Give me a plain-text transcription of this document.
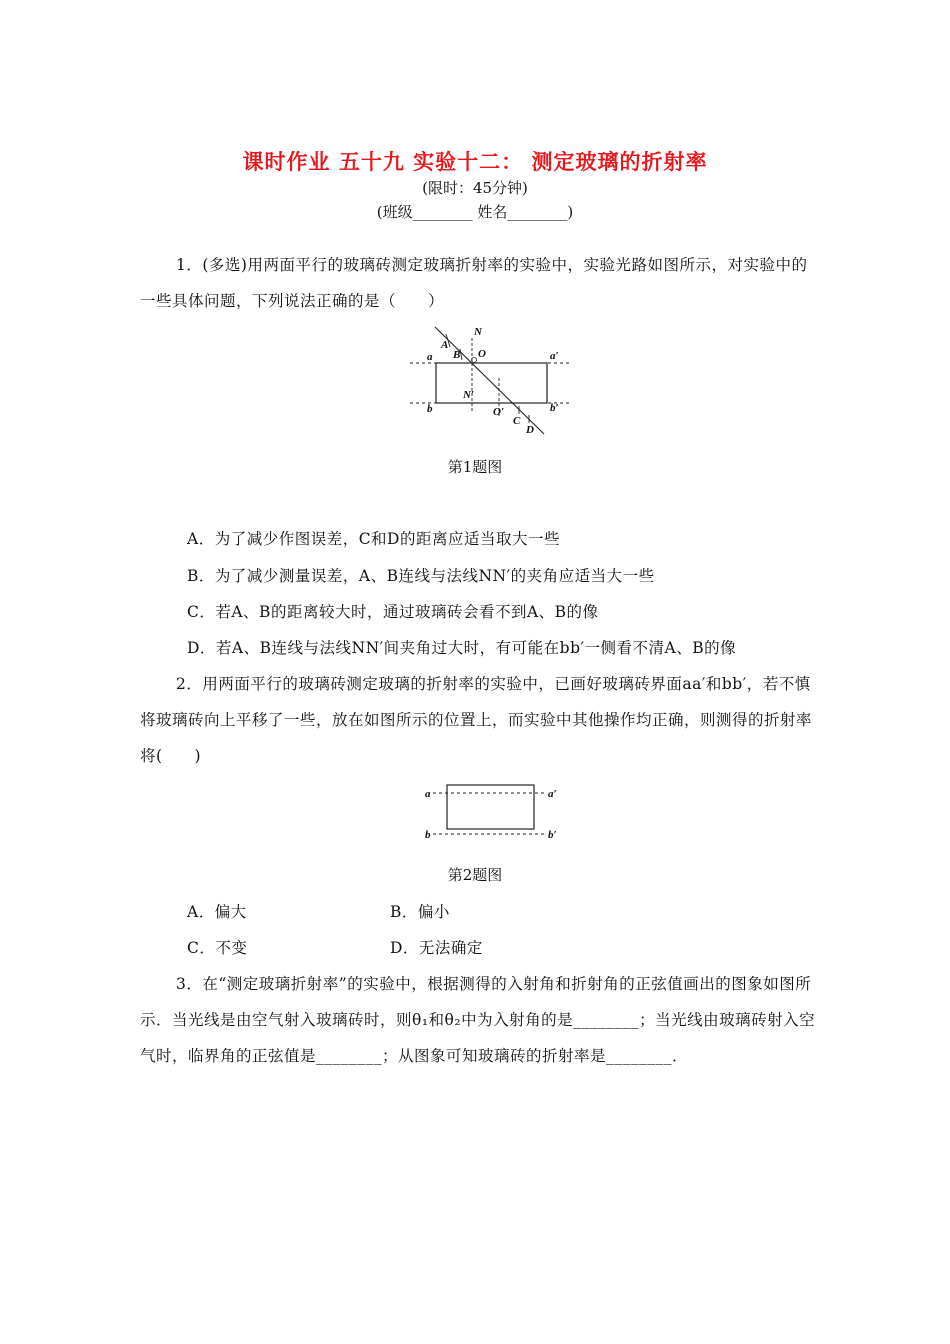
课时作业 五十九 实验十二： 测定玻璃的折射率
(限时：45分钟)
(班级________ 姓名________)
1．(多选)用两面平行的玻璃砖测定玻璃折射率的实验中，实验光路如图所示，对实验中的一些具体问题，下列说法正确的是（　　）
A
B
N
O
a	a′
N′
O′
b	b′
C
D
第1题图
A．为了减少作图误差，C和D的距离应适当取大一些
B．为了减少测量误差，A、B连线与法线NN′的夹角应适当大一些
C．若A、B的距离较大时，通过玻璃砖会看不到A、B的像
D．若A、B连线与法线NN′间夹角过大时，有可能在bb′一侧看不清A、B的像
2．用两面平行的玻璃砖测定玻璃的折射率的实验中，已画好玻璃砖界面aa′和bb′，若不慎将玻璃砖向上平移了一些，放在如图所示的位置上，而实验中其他操作均正确，则测得的折射率将(　　)
a	a′
b	b′
第2题图
A．偏大	B．偏小
C．不变	D．无法确定
3．在“测定玻璃折射率”的实验中，根据测得的入射角和折射角的正弦值画出的图象如图所示．当光线是由空气射入玻璃砖时，则θ₁和θ₂中为入射角的是________；当光线由玻璃砖射入空气时，临界角的正弦值是________；从图象可知玻璃砖的折射率是________．
